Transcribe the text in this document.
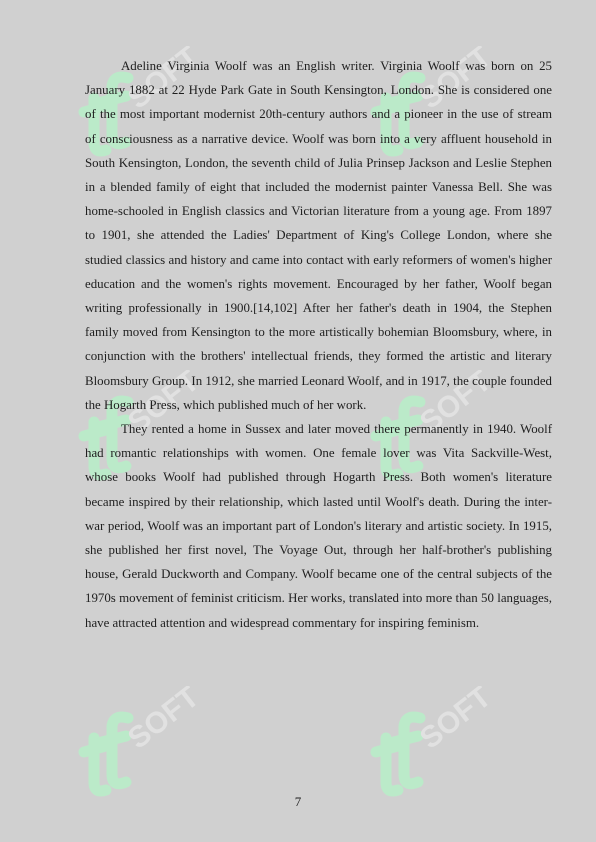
SOFT	SOFT
SOFT	SOFT
SOFT	SOFT

Adeline Virginia Woolf was an English writer. Virginia Woolf was born on 25 January 1882 at 22 Hyde Park Gate in South Kensington, London. She is considered one of the most important modernist 20th-century authors and a pioneer in the use of stream of consciousness as a narrative device. Woolf was born into a very affluent household in South Kensington, London, the seventh child of Julia Prinsep Jackson and Leslie Stephen in a blended family of eight that included the modernist painter Vanessa Bell. She was home-schooled in English classics and Victorian literature from a young age. From 1897 to 1901, she attended the Ladies' Department of King's College London, where she studied classics and history and came into contact with early reformers of women's higher education and the women's rights movement. Encouraged by her father, Woolf began writing professionally in 1900.[14,102] After her father's death in 1904, the Stephen family moved from Kensington to the more artistically bohemian Bloomsbury, where, in conjunction with the brothers' intellectual friends, they formed the artistic and literary Bloomsbury Group. In 1912, she married Leonard Woolf, and in 1917, the couple founded the Hogarth Press, which published much of her work.

They rented a home in Sussex and later moved there permanently in 1940. Woolf had romantic relationships with women. One female lover was Vita Sackville-West, whose books Woolf had published through Hogarth Press. Both women's literature became inspired by their relationship, which lasted until Woolf's death. During the inter-war period, Woolf was an important part of London's literary and artistic society. In 1915, she published her first novel, The Voyage Out, through her half-brother's publishing house, Gerald Duckworth and Company. Woolf became one of the central subjects of the 1970s movement of feminist criticism. Her works, translated into more than 50 languages, have attracted attention and widespread commentary for inspiring feminism.

7
